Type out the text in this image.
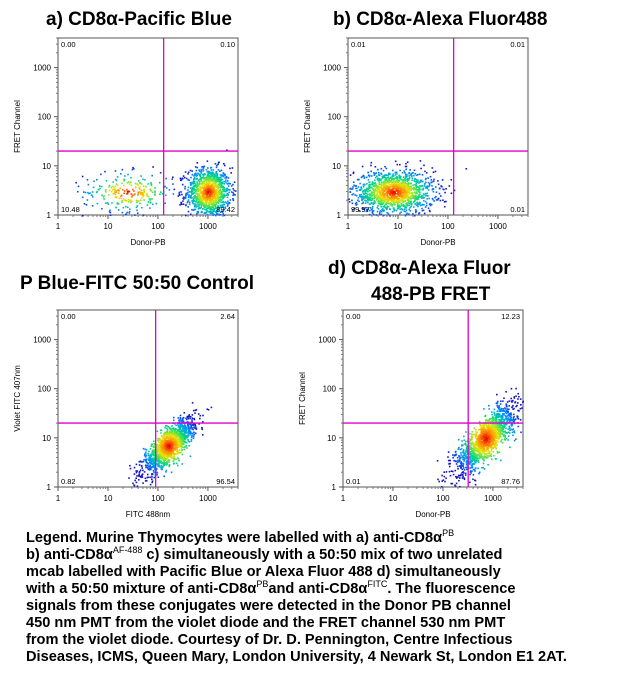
a) CD8α-Pacific Blue	b) CD8α-Alexa Fluor488
P Blue-FITC 50:50 Control
d) CD8α-Alexa Fluor
488-PB FRET
1	10	100	1000
1
10
100
1000
Donor-PB
FRET Channel
0.00	0.10
10.48	89.42
1	10	100	1000
1
10
100
1000
Donor-PB
FRET Channel
0.01	0.01
99.97	0.01
1	10	100	1000
1
10
100
1000
FITC 488nm
Violet FITC 407nm
0.00	2.64
0.82	96.54
1	10	100	1000
1
10
100
1000
Donor-PB
FRET Channel
0.00	12.23
0.01	87.76
Legend. Murine Thymocytes were labelled with a) anti-$CD8\alpha^{PB}$
b) anti-$CD8\alpha^{AF-488}$ c) simultaneously with a 50:50 mix of two unrelated
mcab labelled with Pacific Blue or Alexa Fluor 488 d) simultaneously
with a 50:50 mixture of anti-$CD8\alpha^{PB}and$ anti-$CD8\alpha^{FITC}$. The fluorescence
signals from these conjugates were detected in the Donor PB channel
450 nm PMT from the violet diode and the FRET channel 530 nm PMT
from the violet diode. Courtesy of Dr. D. Pennington, Centre Infectious
Diseases, ICMS, Queen Mary, London University, 4 Newark St, London E1 2AT.
